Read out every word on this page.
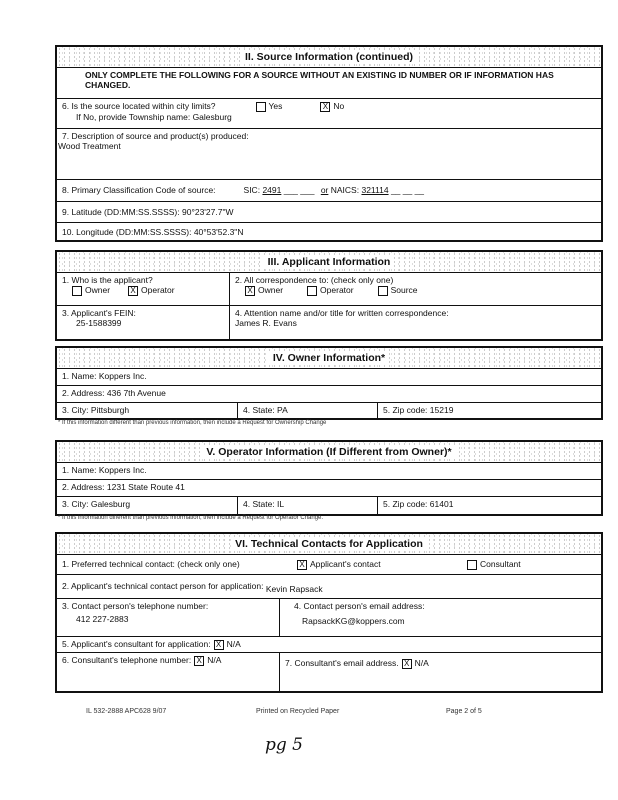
II. Source Information (continued)
ONLY COMPLETE THE FOLLOWING FOR A SOURCE WITHOUT AN EXISTING ID NUMBER OR IF INFORMATION HAS CHANGED.
6. Is the source located within city limits?	Yes	X No
If No, provide Township name: Galesburg
7. Description of source and product(s) produced:
Wood Treatment
8. Primary Classification Code of source:	SIC: 2491 ___ ___ or NAICS: 321114 __ __ __
9. Latitude (DD:MM:SS.SSSS): 90°23'27.7"W
10. Longitude (DD:MM:SS.SSSS): 40°53'52.3"N
III. Applicant Information
1. Who is the applicant?
Owner	X Operator
2. All correspondence to: (check only one)
X Owner	Operator	Source
3. Applicant's FEIN:
25-1588399
4. Attention name and/or title for written correspondence:
James R. Evans
IV. Owner Information*
1. Name: Koppers Inc.
2. Address: 436 7th Avenue
3. City: Pittsburgh	4. State: PA	5. Zip code: 15219
* If this information different than previous information, then include a Request for Ownership Change
V. Operator Information (If Different from Owner)*
1. Name: Koppers Inc.
2. Address: 1231 State Route 41
3. City: Galesburg	4. State: IL	5. Zip code: 61401
* If this information different than previous information, then include a Request for Operator Change.
VI. Technical Contacts for Application
1. Preferred technical contact: (check only one)	X Applicant's contact	Consultant
2. Applicant's technical contact person for application: Kevin Rapsack
3. Contact person's telephone number:
412 227-2883
4. Contact person's email address:
RapsackKG@koppers.com
5. Applicant's consultant for application: X N/A
6. Consultant's telephone number: X N/A	7. Consultant's email address. X N/A
IL 532-2888 APC628 9/07	Printed on Recycled Paper	Page 2 of 5
pg 5
